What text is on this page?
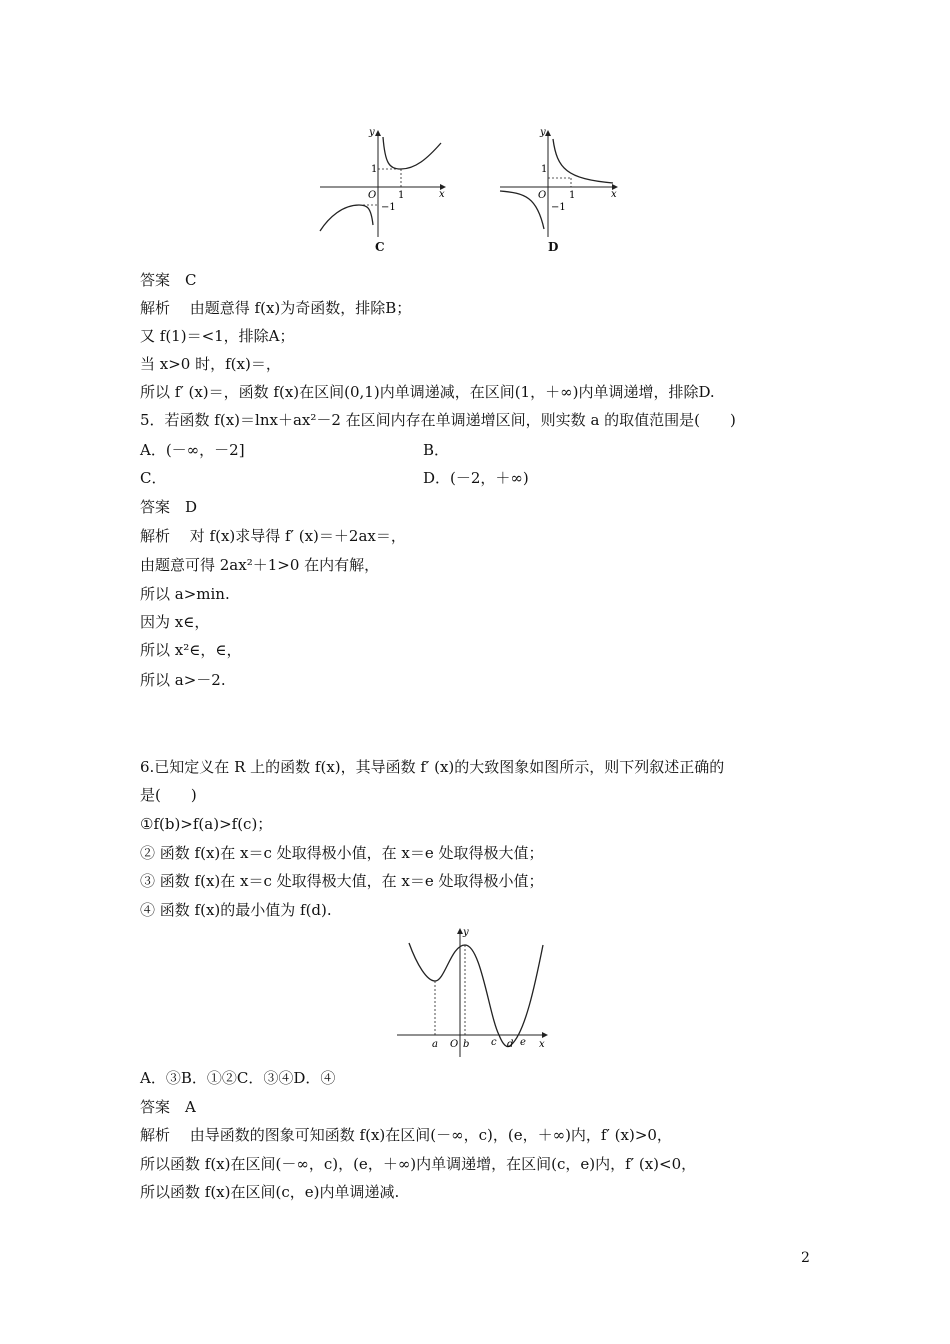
y
x
O
1
1
−1
C
y
x
O
1
1
−1
D
答案　C
解析　 由题意得 f(x)为奇函数，排除B；
又 f(1)＝<1，排除A；
当 x>0 时，f(x)＝，
所以 f′ (x)＝，函数 f(x)在区间(0,1)内单调递减，在区间(1，＋∞)内单调递增，排除D.
5．若函数 f(x)＝lnx＋ax²－2 在区间内存在单调递增区间，则实数 a 的取值范围是(　　)
A．(－∞，－2]	B．
C．	D．(－2，＋∞)
答案　D
解析　 对 f(x)求导得 f′ (x)＝＋2ax＝，
由题意可得 2ax²＋1>0 在内有解，
所以 a>min.
因为 x∈，
所以 x²∈，∈，
所以 a>－2.
6.已知定义在 R 上的函数 f(x)，其导函数 f′ (x)的大致图象如图所示，则下列叙述正确的
是(　　)
①f(b)>f(a)>f(c)；
② 函数 f(x)在 x＝c 处取得极小值，在 x＝e 处取得极大值；
③ 函数 f(x)在 x＝c 处取得极大值，在 x＝e 处取得极小值；
④ 函数 f(x)的最小值为 f(d).
y
x
O
a	b c d e
A．③B．①②C．③④D．④
答案　A
解析　 由导函数的图象可知函数 f(x)在区间(－∞，c)，(e，＋∞)内，f′ (x)>0，
所以函数 f(x)在区间(－∞，c)，(e，＋∞)内单调递增，在区间(c，e)内，f′ (x)<0，
所以函数 f(x)在区间(c，e)内单调递减.
2
